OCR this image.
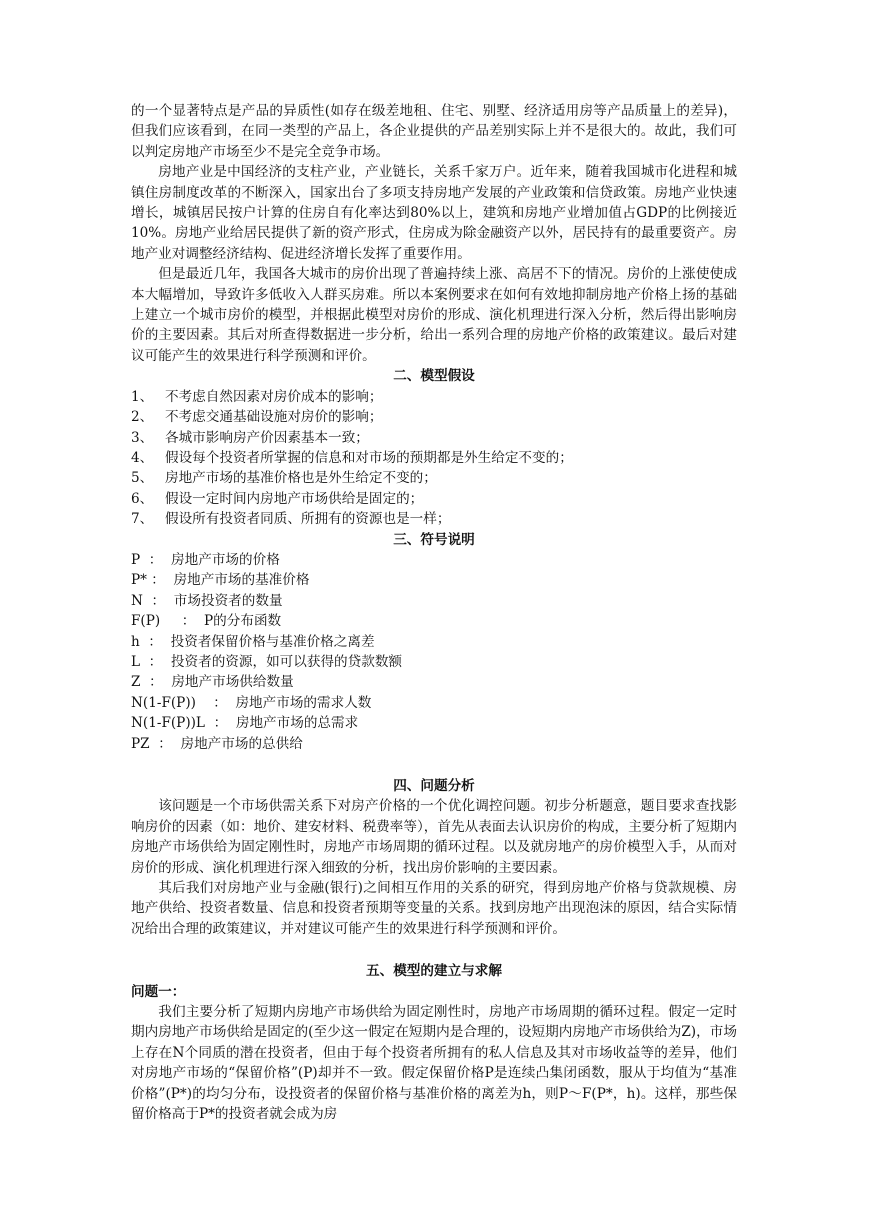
的一个显著特点是产品的异质性(如存在级差地租、住宅、别墅、经济适用房等产品质量上的差异)，但我们应该看到，在同一类型的产品上，各企业提供的产品差别实际上并不是很大的。故此，我们可以判定房地产市场至少不是完全竞争市场。

房地产业是中国经济的支柱产业，产业链长，关系千家万户。近年来，随着我国城市化进程和城镇住房制度改革的不断深入，国家出台了多项支持房地产发展的产业政策和信贷政策。房地产业快速增长，城镇居民按户计算的住房自有化率达到80%以上，建筑和房地产业增加值占GDP的比例接近10%。房地产业给居民提供了新的资产形式，住房成为除金融资产以外，居民持有的最重要资产。房地产业对调整经济结构、促进经济增长发挥了重要作用。

但是最近几年，我国各大城市的房价出现了普遍持续上涨、高居不下的情况。房价的上涨使使成本大幅增加，导致许多低收入人群买房难。所以本案例要求在如何有效地抑制房地产价格上扬的基础上建立一个城市房价的模型，并根据此模型对房价的形成、演化机理进行深入分析，然后得出影响房价的主要因素。其后对所查得数据进一步分析，给出一系列合理的房地产价格的政策建议。最后对建议可能产生的效果进行科学预测和评价。

二、模型假设

1、 不考虑自然因素对房价成本的影响；
2、 不考虑交通基础设施对房价的影响；
3、 各城市影响房产价因素基本一致；
4、 假设每个投资者所掌握的信息和对市场的预期都是外生给定不变的；
5、 房地产市场的基准价格也是外生给定不变的；
6、 假设一定时间内房地产市场供给是固定的；
7、 假设所有投资者同质、所拥有的资源也是一样；

三、符号说明

P ： 房地产市场的价格
P* ： 房地产市场的基准价格
N ： 市场投资者的数量
F(P) ： P的分布函数
h ： 投资者保留价格与基准价格之离差
L ： 投资者的资源，如可以获得的贷款数额
Z ： 房地产市场供给数量
N(1-F(P)) ： 房地产市场的需求人数
N(1-F(P))L ： 房地产市场的总需求
PZ ： 房地产市场的总供给

四、问题分析

该问题是一个市场供需关系下对房产价格的一个优化调控问题。初步分析题意，题目要求查找影响房价的因素（如：地价、建安材料、税费率等），首先从表面去认识房价的构成，主要分析了短期内房地产市场供给为固定刚性时，房地产市场周期的循环过程。以及就房地产的房价模型入手，从而对房价的形成、演化机理进行深入细致的分析，找出房价影响的主要因素。

其后我们对房地产业与金融(银行)之间相互作用的关系的研究，得到房地产价格与贷款规模、房地产供给、投资者数量、信息和投资者预期等变量的关系。找到房地产出现泡沫的原因，结合实际情况给出合理的政策建议，并对建议可能产生的效果进行科学预测和评价。

五、模型的建立与求解

问题一：

我们主要分析了短期内房地产市场供给为固定刚性时，房地产市场周期的循环过程。假定一定时期内房地产市场供给是固定的(至少这一假定在短期内是合理的，设短期内房地产市场供给为Z)，市场上存在N个同质的潜在投资者，但由于每个投资者所拥有的私人信息及其对市场收益等的差异，他们对房地产市场的“保留价格”(P)却并不一致。假定保留价格P是连续凸集闭函数，服从于均值为“基准价格”(P*)的均匀分布，设投资者的保留价格与基准价格的离差为h，则P～F(P*，h)。这样，那些保留价格高于P*的投资者就会成为房
